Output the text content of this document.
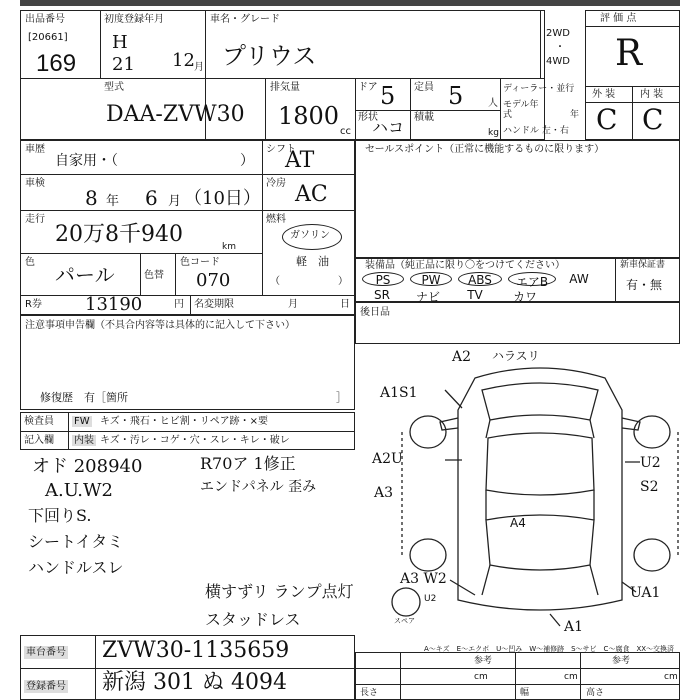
出品番号
[20661]
169
初度登録年月
H
21 12 月
車名・グレード
プリウス
2WD
・
4WD
評 価 点
R
外 装 内 装
C C
型式
DAA-ZVW30
排気量
1800
cc
ドア 5
形状
ハコ
定員 5 人
積載
kg
ディーラー・並行
モデル年式	年
ハンドル 左・右
車歴
自家用・（	）
車検
8 年 6 月 （10日）
走行
20万8千940	km
色
パール	色替
色コード
070
R券 13190	円 名変期限	月	日
シフト
AT
冷房 AC
燃料
ガソリン
軽　油
（	）
セールスポイント（正常に機能するものに限ります）
装備品（純正品に限り〇をつけてください）	新車保証書
有・無
PS	PW	ABS	エアB	AW
SR	ナビ	TV	カワ
後日品
注意事項申告欄（不具合内容等は具体的に記入して下さい）
修復歴　有［箇所	］
検査員
記入欄
FW キズ・飛石・ヒビ割・リペア跡・×要
内装 キズ・汚レ・コゲ・穴・スレ・キレ・破レ
オド 208940
A.U.W2
下回りS.
シートイタミ
ハンドルスレ
R70ア 1修正
エンドパネル 歪み
横すずリ ランプ点灯
スタッドレス
A2 ハラスリ
A1S1
A2U
A3
U2
S2
A4
A3 W2
U2	UA1
A1
スペア
A～キズ　E～エクボ　U～凹み　W～補修跡　S～サビ　C～腐食　XX～交換済
車台番号 ZVW30-1135659
登録番号 新潟 301 ぬ 4094
参考	参考
長さ	幅	高さ
cm	cm	cm
